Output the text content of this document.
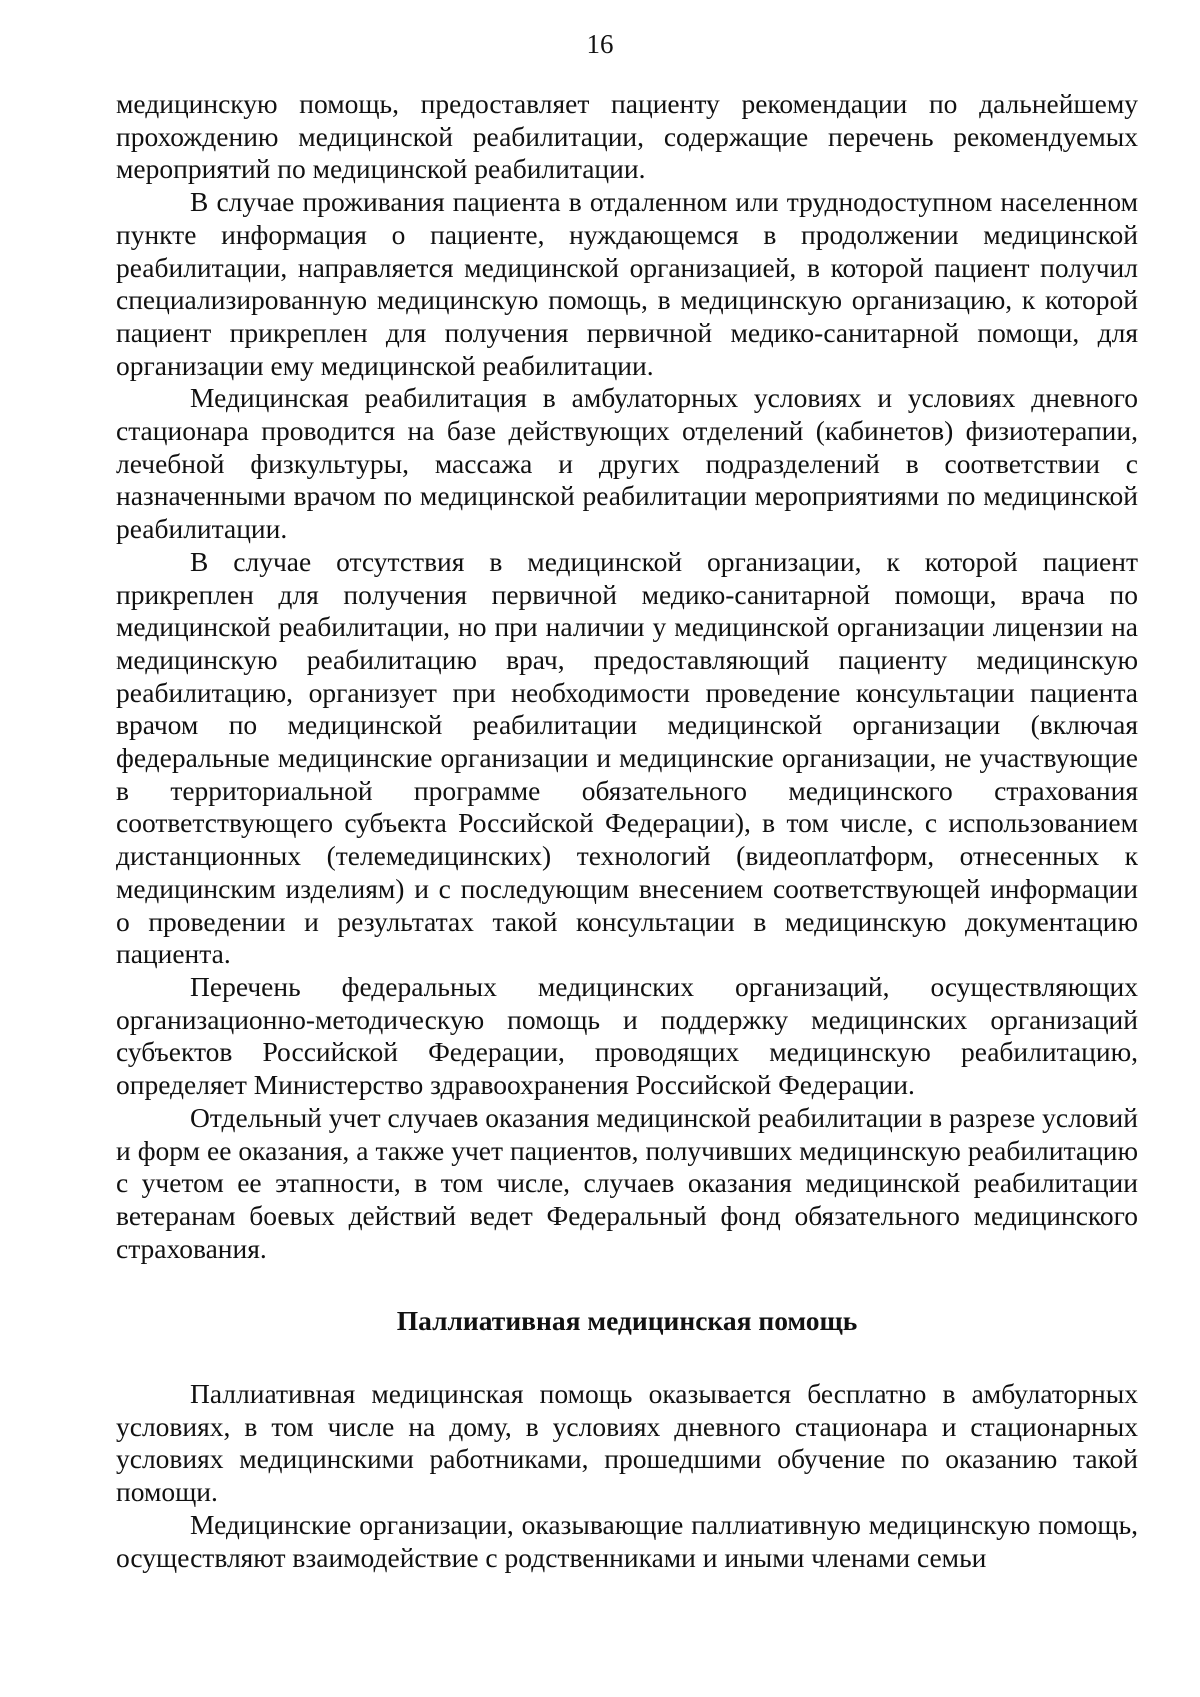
16

медицинскую помощь, предоставляет пациенту рекомендации по дальнейшему прохождению медицинской реабилитации, содержащие перечень рекомендуемых мероприятий по медицинской реабилитации.

В случае проживания пациента в отдаленном или труднодоступном населенном пункте информация о пациенте, нуждающемся в продолжении медицинской реабилитации, направляется медицинской организацией, в которой пациент получил специализированную медицинскую помощь, в медицинскую организацию, к которой пациент прикреплен для получения первичной медико-санитарной помощи, для организации ему медицинской реабилитации.

Медицинская реабилитация в амбулаторных условиях и условиях дневного стационара проводится на базе действующих отделений (кабинетов) физиотерапии, лечебной физкультуры, массажа и других подразделений в соответствии с назначенными врачом по медицинской реабилитации мероприятиями по медицинской реабилитации.

В случае отсутствия в медицинской организации, к которой пациент прикреплен для получения первичной медико-санитарной помощи, врача по медицинской реабилитации, но при наличии у медицинской организации лицензии на медицинскую реабилитацию врач, предоставляющий пациенту медицинскую реабилитацию, организует при необходимости проведение консультации пациента врачом по медицинской реабилитации медицинской организации (включая федеральные медицинские организации и медицинские организации, не участвующие в территориальной программе обязательного медицинского страхования соответствующего субъекта Российской Федерации), в том числе, с использованием дистанционных (телемедицинских) технологий (видеоплатформ, отнесенных к медицинским изделиям) и с последующим внесением соответствующей информации о проведении и результатах такой консультации в медицинскую документацию пациента.

Перечень федеральных медицинских организаций, осуществляющих организационно-методическую помощь и поддержку медицинских организаций субъектов Российской Федерации, проводящих медицинскую реабилитацию, определяет Министерство здравоохранения Российской Федерации.

Отдельный учет случаев оказания медицинской реабилитации в разрезе условий и форм ее оказания, а также учет пациентов, получивших медицинскую реабилитацию с учетом ее этапности, в том числе, случаев оказания медицинской реабилитации ветеранам боевых действий ведет Федеральный фонд обязательного медицинского страхования.

Паллиативная медицинская помощь

Паллиативная медицинская помощь оказывается бесплатно в амбулаторных условиях, в том числе на дому, в условиях дневного стационара и стационарных условиях медицинскими работниками, прошедшими обучение по оказанию такой помощи.

Медицинские организации, оказывающие паллиативную медицинскую помощь, осуществляют взаимодействие с родственниками и иными членами семьи
